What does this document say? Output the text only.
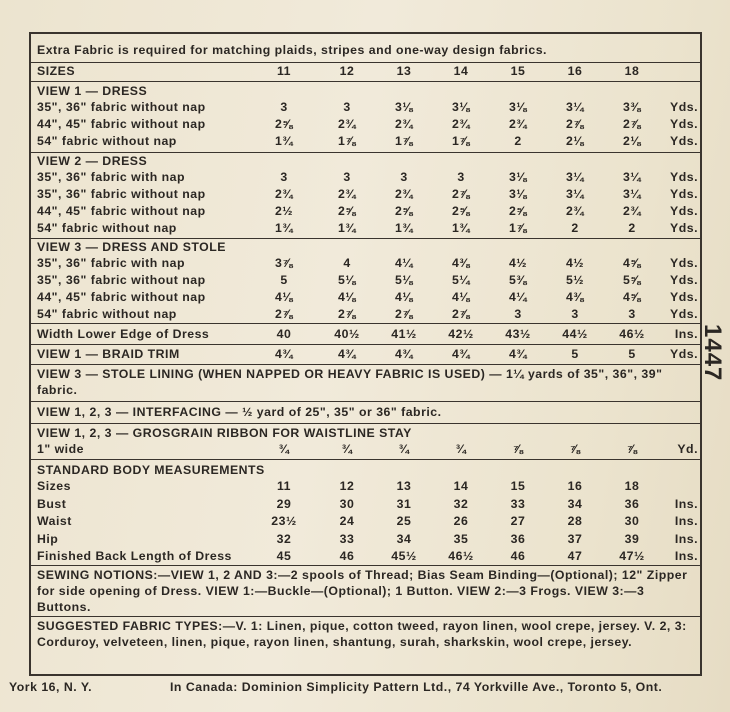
Extra Fabric is required for matching plaids, stripes and one-way design fabrics.
SIZES	11	12	13	14	15	16	18
VIEW 1 — DRESS
35", 36" fabric without nap	3	3	3⅛	3⅛	3⅛	3¼	3⅜	Yds.
44", 45" fabric without nap	2⅝	2¾	2¾	2¾	2¾	2⅞	2⅞	Yds.
54" fabric without nap	1¾	1⅞	1⅞	1⅞	2	2⅛	2⅛	Yds.
VIEW 2 — DRESS
35", 36" fabric with nap	3	3	3	3	3⅛	3¼	3¼	Yds.
35", 36" fabric without nap	2¾	2¾	2¾	2⅞	3⅛	3¼	3¼	Yds.
44", 45" fabric without nap	2½	2⅝	2⅝	2⅝	2⅝	2¾	2¾	Yds.
54" fabric without nap	1¾	1¾	1¾	1¾	1⅞	2	2	Yds.
VIEW 3 — DRESS AND STOLE
35", 36" fabric with nap	3⅞	4	4¼	4⅜	4½	4½	4⅝	Yds.
35", 36" fabric without nap	5	5⅛	5⅛	5¼	5⅜	5½	5⅝	Yds.
44", 45" fabric without nap	4⅛	4⅛	4⅛	4⅛	4¼	4⅜	4⅝	Yds.
54" fabric without nap	2⅞	2⅞	2⅞	2⅞	3	3	3	Yds.
Width Lower Edge of Dress	40	40½	41½	42½	43½	44½	46½	Ins.
VIEW 1 — BRAID TRIM	4¾	4¾	4¾	4¾	4¾	5	5	Yds.
VIEW 3 — STOLE LINING (WHEN NAPPED OR HEAVY FABRIC IS USED) — 1¼ yards of 35", 36", 39" fabric.
VIEW 1, 2, 3 — INTERFACING — ½ yard of 25", 35" or 36" fabric.
VIEW 1, 2, 3 — GROSGRAIN RIBBON FOR WAISTLINE STAY
1" wide	¾	¾	¾	¾	⅞	⅞	⅞	Yd.
STANDARD BODY MEASUREMENTS
Sizes	11	12	13	14	15	16	18
Bust	29	30	31	32	33	34	36	Ins.
Waist	23½	24	25	26	27	28	30	Ins.
Hip	32	33	34	35	36	37	39	Ins.
Finished Back Length of Dress	45	46	45½	46½	46	47	47½	Ins.
SEWING NOTIONS:—VIEW 1, 2 AND 3:—2 spools of Thread; Bias Seam Binding—(Optional); 12" Zipper for side opening of Dress. VIEW 1:—Buckle—(Optional); 1 Button. VIEW 2:—3 Frogs. VIEW 3:—3 Buttons.
SUGGESTED FABRIC TYPES:—V. 1: Linen, pique, cotton tweed, rayon linen, wool crepe, jersey. V. 2, 3: Corduroy, velveteen, linen, pique, rayon linen, shantung, surah, sharkskin, wool crepe, jersey.
York 16, N. Y.	In Canada: Dominion Simplicity Pattern Ltd., 74 Yorkville Ave., Toronto 5, Ont.
1447
